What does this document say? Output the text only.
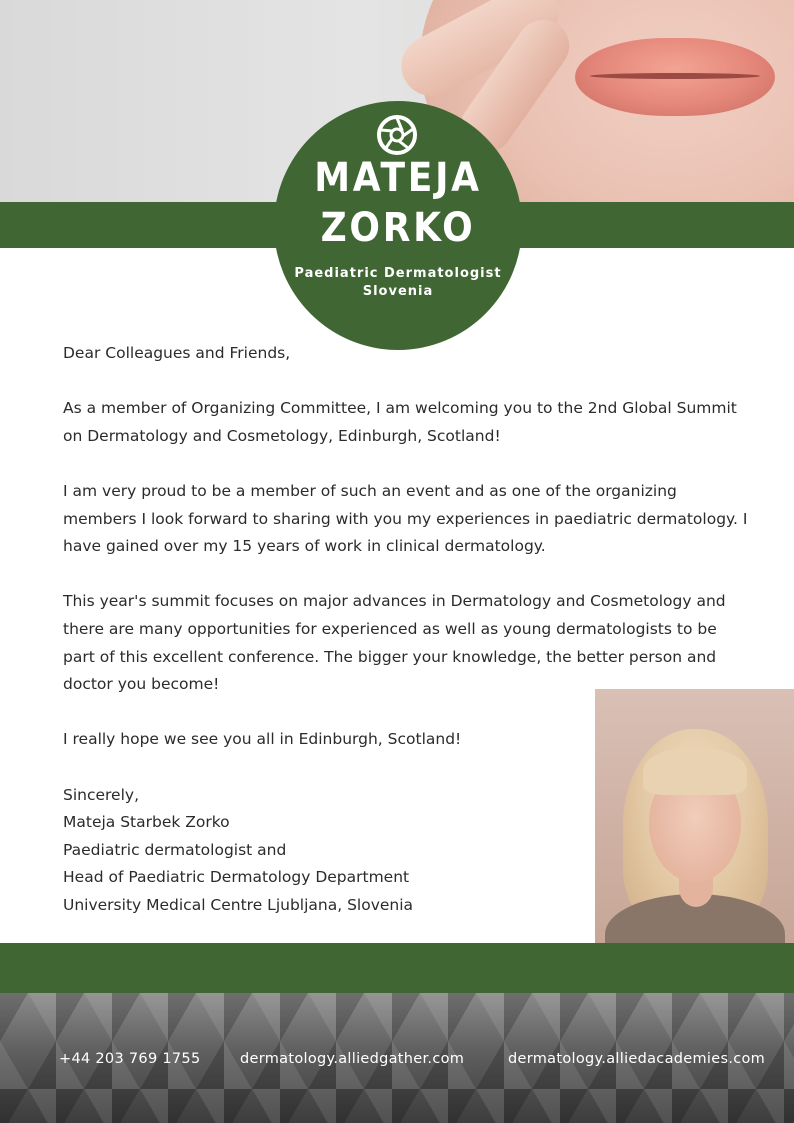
MATEJA
ZORKO
Paediatric Dermatologist
Slovenia

Dear Colleagues and Friends,

As a member of Organizing Committee, I am welcoming you to the 2nd Global Summit on Dermatology and Cosmetology, Edinburgh, Scotland!

I am very proud to be a member of such an event and as one of the organizing members I look forward to sharing with you my experiences in paediatric dermatology. I have gained over my 15 years of work in clinical dermatology.

This year's summit focuses on major advances in Dermatology and Cosmetology and there are many opportunities for experienced as well as young dermatologists to be part of this excellent conference. The bigger your knowledge, the better person and doctor you become!

I really hope we see you all in Edinburgh, Scotland!

Sincerely,

Mateja Starbek Zorko

Paediatric dermatologist and

Head of Paediatric Dermatology Department

University Medical Centre Ljubljana, Slovenia

+44 203 769 1755	dermatology.alliedgather.com	dermatology.alliedacademies.com
